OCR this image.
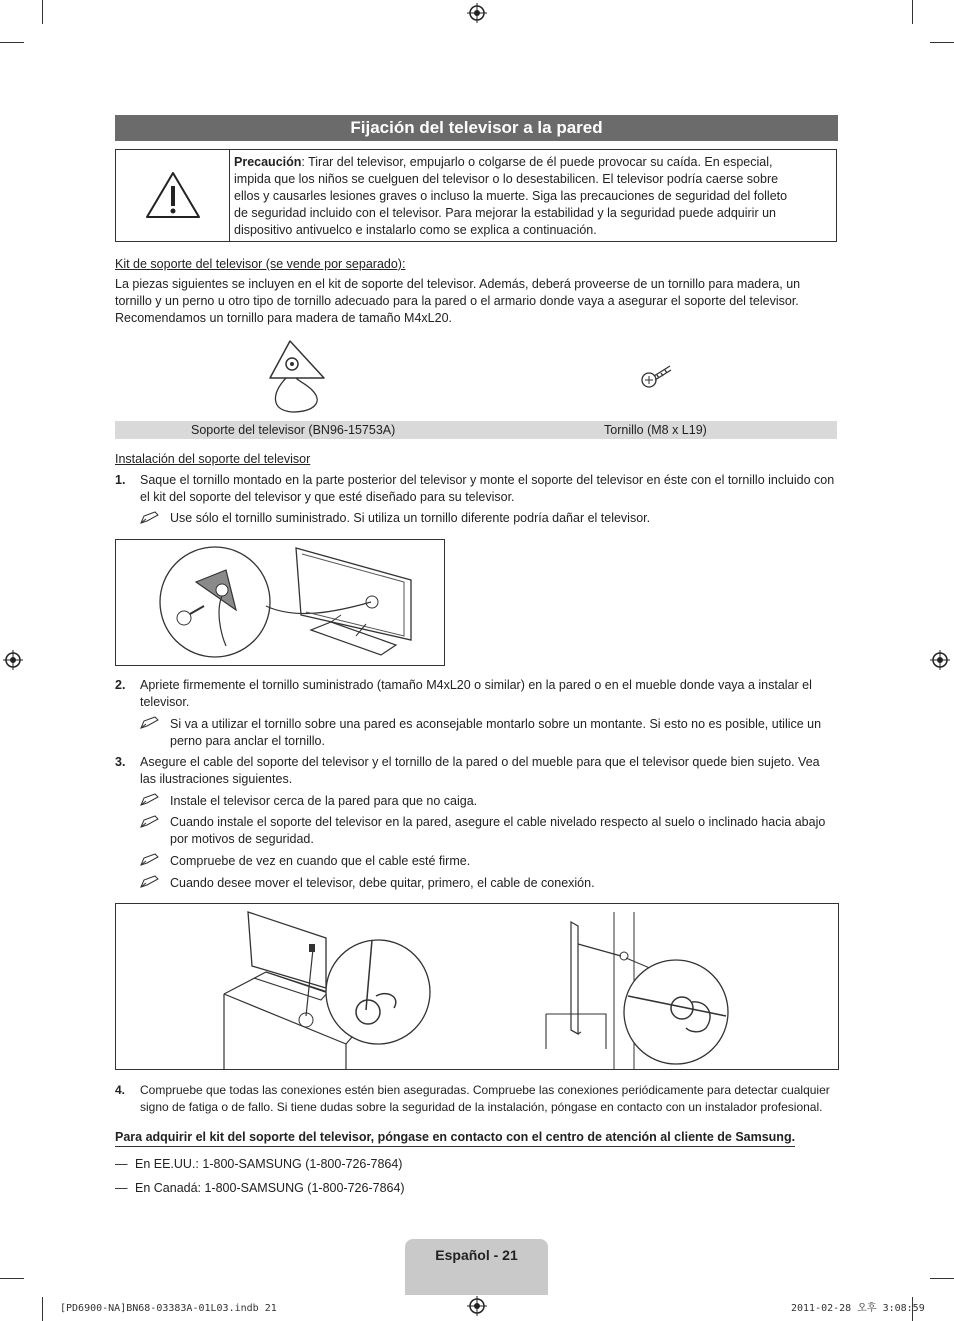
Fijación del televisor a la pared
Precaución: Tirar del televisor, empujarlo o colgarse de él puede provocar su caída. En especial, impida que los niños se cuelguen del televisor o lo desestabilicen. El televisor podría caerse sobre ellos y causarles lesiones graves o incluso la muerte. Siga las precauciones de seguridad del folleto de seguridad incluido con el televisor. Para mejorar la estabilidad y la seguridad puede adquirir un dispositivo antivuelco e instalarlo como se explica a continuación.
Kit de soporte del televisor (se vende por separado):
La piezas siguientes se incluyen en el kit de soporte del televisor. Además, deberá proveerse de un tornillo para madera, un tornillo y un perno u otro tipo de tornillo adecuado para la pared o el armario donde vaya a asegurar el soporte del televisor. Recomendamos un tornillo para madera de tamaño M4xL20.
Soporte del televisor (BN96-15753A)	Tornillo (M8 x L19)
Instalación del soporte del televisor
1. Saque el tornillo montado en la parte posterior del televisor y monte el soporte del televisor en éste con el tornillo incluido con el kit del soporte del televisor y que esté diseñado para su televisor.
Use sólo el tornillo suministrado. Si utiliza un tornillo diferente podría dañar el televisor.
2. Apriete firmemente el tornillo suministrado (tamaño M4xL20 o similar) en la pared o en el mueble donde vaya a instalar el televisor.
Si va a utilizar el tornillo sobre una pared es aconsejable montarlo sobre un montante. Si esto no es posible, utilice un perno para anclar el tornillo.
3. Asegure el cable del soporte del televisor y el tornillo de la pared o del mueble para que el televisor quede bien sujeto. Vea las ilustraciones siguientes.
Instale el televisor cerca de la pared para que no caiga.
Cuando instale el soporte del televisor en la pared, asegure el cable nivelado respecto al suelo o inclinado hacia abajo por motivos de seguridad.
Compruebe de vez en cuando que el cable esté firme.
Cuando desee mover el televisor, debe quitar, primero, el cable de conexión.
4. Compruebe que todas las conexiones estén bien aseguradas. Compruebe las conexiones periódicamente para detectar cualquier signo de fatiga o de fallo. Si tiene dudas sobre la seguridad de la instalación, póngase en contacto con un instalador profesional.
Para adquirir el kit del soporte del televisor, póngase en contacto con el centro de atención al cliente de Samsung.
— En EE.UU.: 1-800-SAMSUNG (1-800-726-7864)
— En Canadá: 1-800-SAMSUNG (1-800-726-7864)
Español - 21
[PD6900-NA]BN68-03383A-01L03.indb 21	2011-02-28 오후 3:08:59
